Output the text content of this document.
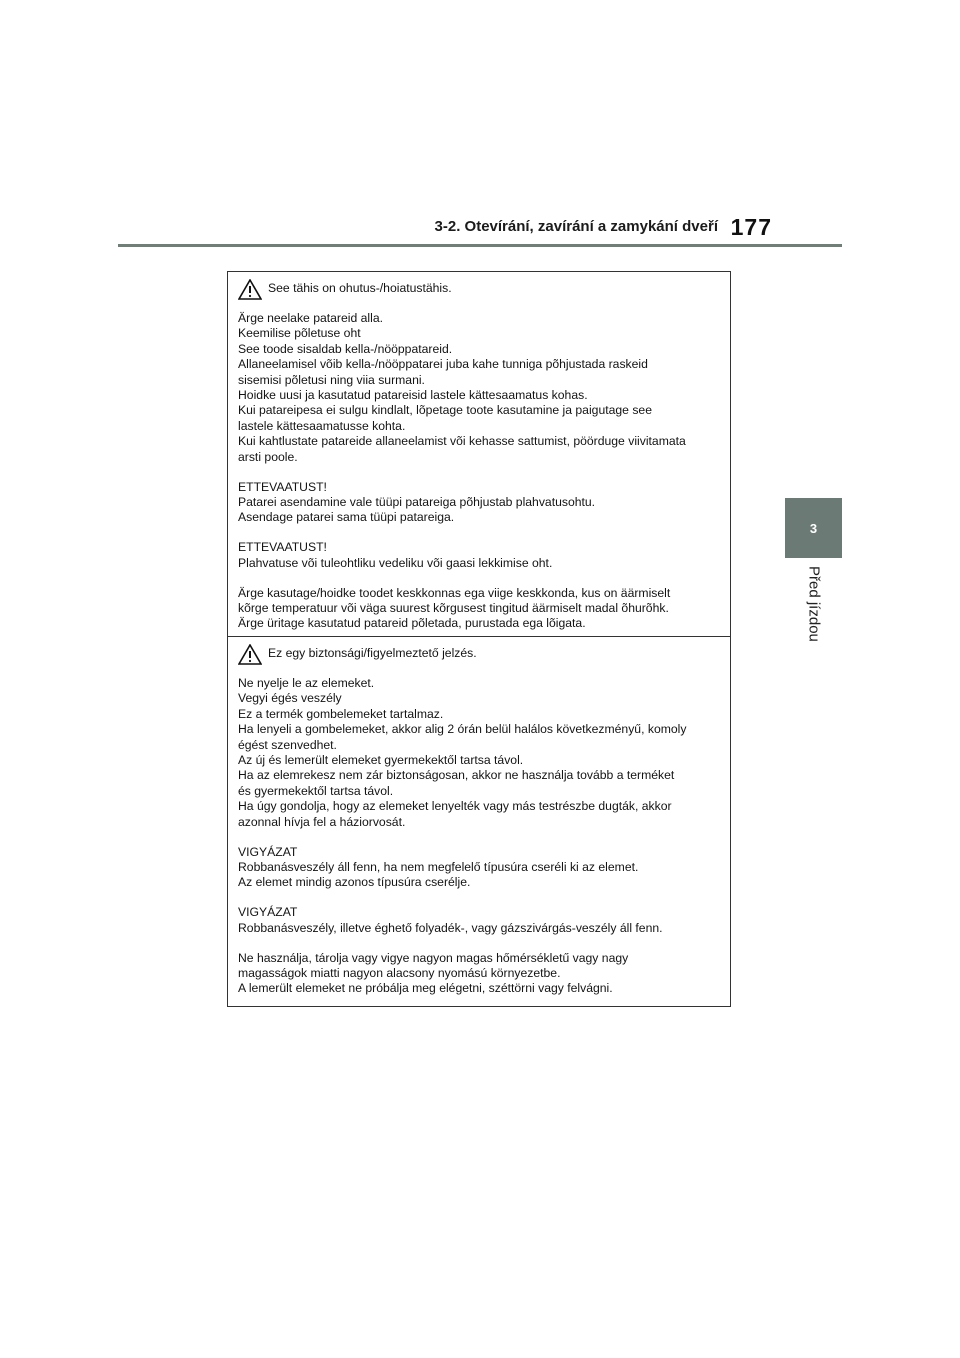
3-2. Otevírání, zavírání a zamykání dveří 177
3
Před jízdou
See tähis on ohutus-/hoiatustähis.
Ärge neelake patareid alla.
Keemilise põletuse oht
See toode sisaldab kella-/nööppatareid.
Allaneelamisel võib kella-/nööppatarei juba kahe tunniga põhjustada raskeid
sisemisi põletusi ning viia surmani.
Hoidke uusi ja kasutatud patareisid lastele kättesaamatus kohas.
Kui patareipesa ei sulgu kindlalt, lõpetage toote kasutamine ja paigutage see
lastele kättesaamatusse kohta.
Kui kahtlustate patareide allaneelamist või kehasse sattumist, pöörduge viivitamata
arsti poole.
ETTEVAATUST!
Patarei asendamine vale tüüpi patareiga põhjustab plahvatusohtu.
Asendage patarei sama tüüpi patareiga.
ETTEVAATUST!
Plahvatuse või tuleohtliku vedeliku või gaasi lekkimise oht.
Ärge kasutage/hoidke toodet keskkonnas ega viige keskkonda, kus on äärmiselt
kõrge temperatuur või väga suurest kõrgusest tingitud äärmiselt madal õhurõhk.
Ärge üritage kasutatud patareid põletada, purustada ega lõigata.
Ez egy biztonsági/figyelmeztető jelzés.
Ne nyelje le az elemeket.
Vegyi égés veszély
Ez a termék gombelemeket tartalmaz.
Ha lenyeli a gombelemeket, akkor alig 2 órán belül halálos következményű, komoly
égést szenvedhet.
Az új és lemerült elemeket gyermekektől tartsa távol.
Ha az elemrekesz nem zár biztonságosan, akkor ne használja tovább a terméket
és gyermekektől tartsa távol.
Ha úgy gondolja, hogy az elemeket lenyelték vagy más testrészbe dugták, akkor
azonnal hívja fel a háziorvosát.
VIGYÁZAT
Robbanásveszély áll fenn, ha nem megfelelő típusúra cseréli ki az elemet.
Az elemet mindig azonos típusúra cserélje.
VIGYÁZAT
Robbanásveszély, illetve éghető folyadék-, vagy gázszivárgás-veszély áll fenn.
Ne használja, tárolja vagy vigye nagyon magas hőmérsékletű vagy nagy
magasságok miatti nagyon alacsony nyomású környezetbe.
A lemerült elemeket ne próbálja meg elégetni, széttörni vagy felvágni.
